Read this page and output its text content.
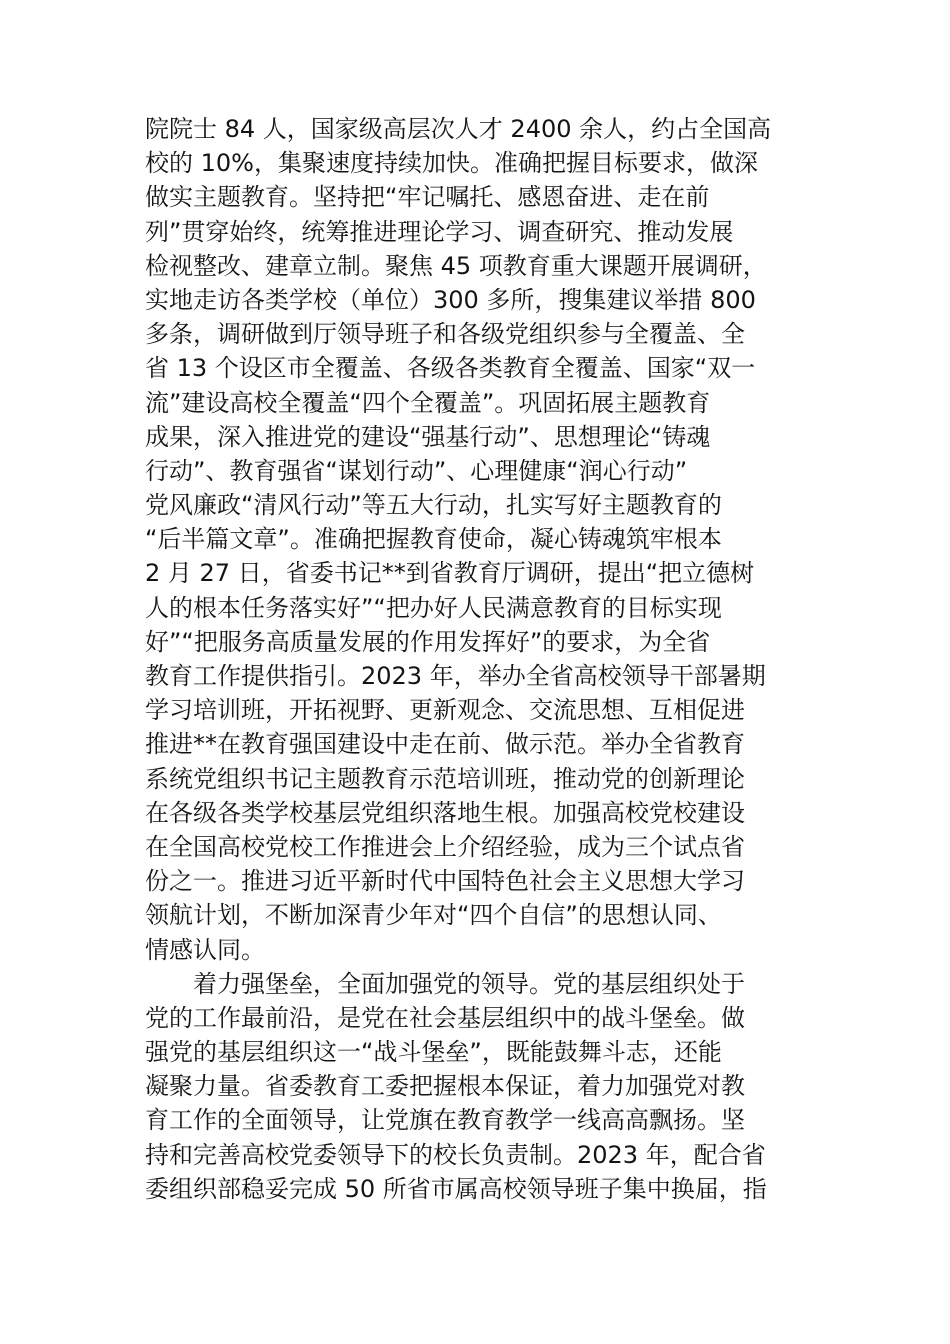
院院士 84 人，国家级高层次人才 2400 余人，约占全国高
校的 10%，集聚速度持续加快。准确把握目标要求，做深
做实主题教育。坚持把“牢记嘱托、感恩奋进、走在前
列”贯穿始终，统筹推进理论学习、调查研究、推动发展
检视整改、建章立制。聚焦 45 项教育重大课题开展调研，
实地走访各类学校（单位）300 多所，搜集建议举措 800
多条，调研做到厅领导班子和各级党组织参与全覆盖、全
省 13 个设区市全覆盖、各级各类教育全覆盖、国家“双一
流”建设高校全覆盖“四个全覆盖”。巩固拓展主题教育
成果，深入推进党的建设“强基行动”、思想理论“铸魂
行动”、教育强省“谋划行动”、心理健康“润心行动”
党风廉政“清风行动”等五大行动，扎实写好主题教育的
“后半篇文章”。准确把握教育使命，凝心铸魂筑牢根本
2 月 27 日，省委书记**到省教育厅调研，提出“把立德树
人的根本任务落实好”“把办好人民满意教育的目标实现
好”“把服务高质量发展的作用发挥好”的要求，为全省
教育工作提供指引。2023 年，举办全省高校领导干部暑期
学习培训班，开拓视野、更新观念、交流思想、互相促进
推进**在教育强国建设中走在前、做示范。举办全省教育
系统党组织书记主题教育示范培训班，推动党的创新理论
在各级各类学校基层党组织落地生根。加强高校党校建设
在全国高校党校工作推进会上介绍经验，成为三个试点省
份之一。推进习近平新时代中国特色社会主义思想大学习
领航计划，不断加深青少年对“四个自信”的思想认同、
情感认同。
　　着力强堡垒，全面加强党的领导。党的基层组织处于
党的工作最前沿，是党在社会基层组织中的战斗堡垒。做
强党的基层组织这一“战斗堡垒”，既能鼓舞斗志，还能
凝聚力量。省委教育工委把握根本保证，着力加强党对教
育工作的全面领导，让党旗在教育教学一线高高飘扬。坚
持和完善高校党委领导下的校长负责制。2023 年，配合省
委组织部稳妥完成 50 所省市属高校领导班子集中换届，指
